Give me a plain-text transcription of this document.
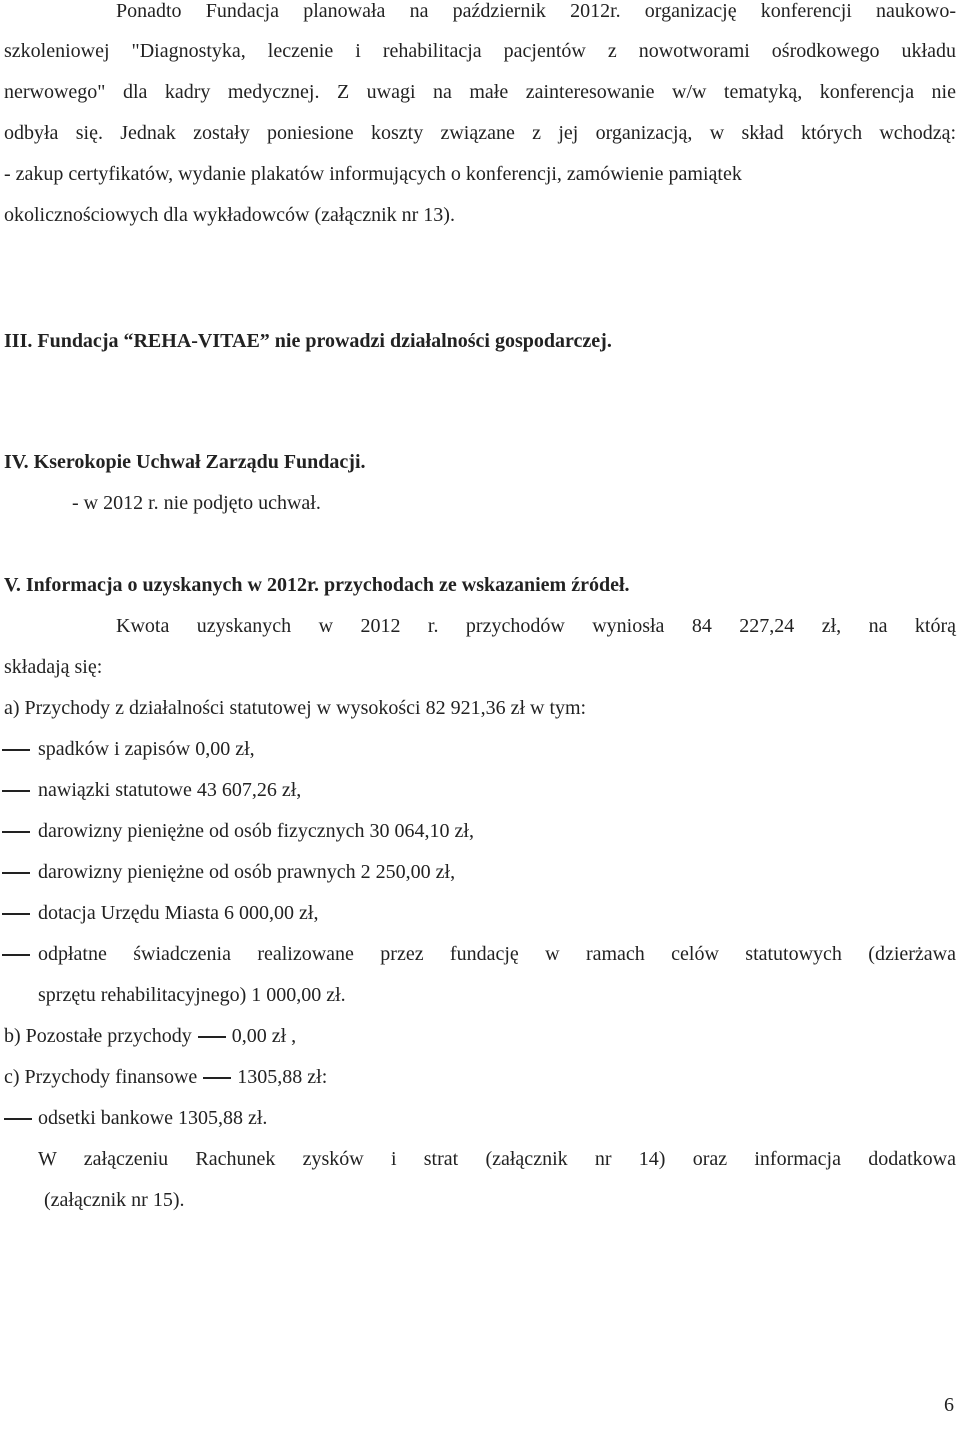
Ponadto Fundacja planowała na październik 2012r. organizację konferencji naukowo-
szkoleniowej "Diagnostyka, leczenie i rehabilitacja pacjentów z nowotworami ośrodkowego układu
nerwowego" dla kadry medycznej. Z uwagi na małe zainteresowanie w/w tematyką, konferencja nie
odbyła się. Jednak zostały poniesione koszty związane z jej organizacją, w skład których wchodzą:
- zakup certyfikatów, wydanie plakatów informujących o konferencji, zamówienie pamiątek
okolicznościowych dla wykładowców (załącznik nr 13).
III. Fundacja “REHA-VITAE” nie prowadzi działalności gospodarczej.
IV. Kserokopie Uchwał Zarządu Fundacji.
- w 2012 r. nie podjęto uchwał.
V. Informacja o uzyskanych w 2012r. przychodach ze wskazaniem źródeł.
Kwota uzyskanych w 2012 r. przychodów wyniosła 84 227,24 zł, na którą
składają się:
a) Przychody z działalności statutowej w wysokości 82 921,36 zł w tym:
spadków i zapisów 0,00 zł,
nawiązki statutowe 43 607,26 zł,
darowizny pieniężne od osób fizycznych 30 064,10 zł,
darowizny pieniężne od osób prawnych 2 250,00 zł,
dotacja Urzędu Miasta 6 000,00 zł,
odpłatne świadczenia realizowane przez fundację w ramach celów statutowych (dzierżawa
sprzętu rehabilitacyjnego) 1 000,00 zł.
b) Pozostałe przychody 0,00 zł ,
c) Przychody finansowe 1305,88 zł:
odsetki bankowe 1305,88 zł.
W załączeniu Rachunek zysków i strat (załącznik nr 14) oraz informacja dodatkowa
(załącznik nr 15).
6
